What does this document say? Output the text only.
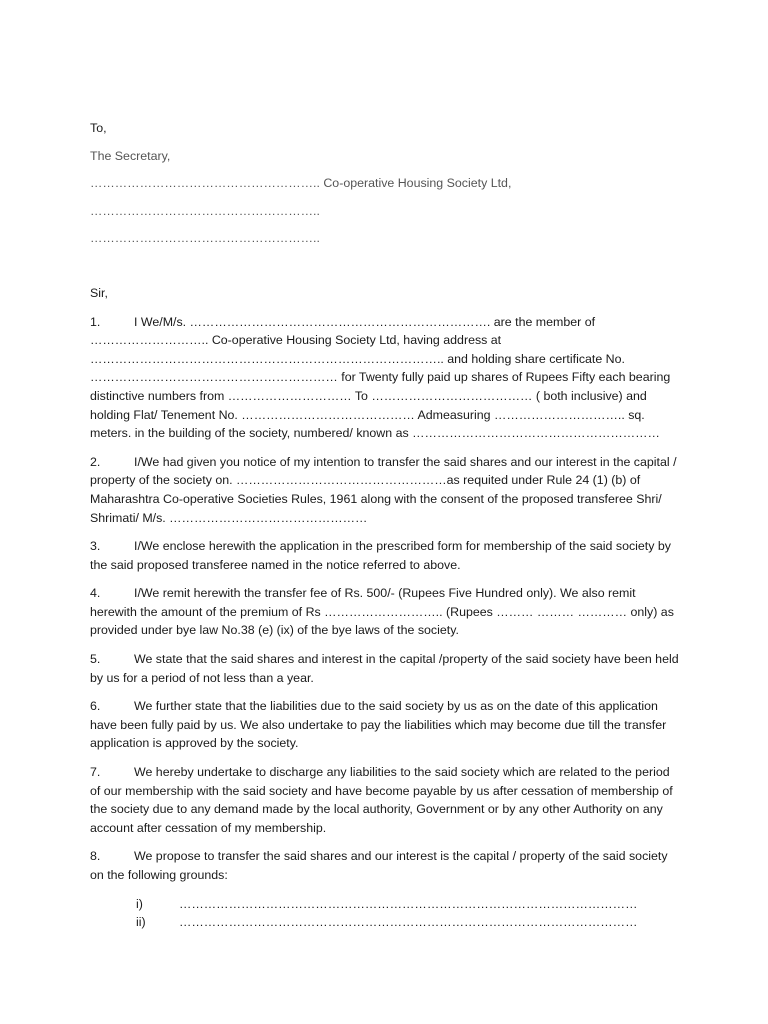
To,

The Secretary,

……………………………………………….. Co-operative Housing Society Ltd,

………………………………………………..

………………………………………………..

Sir,

1.	I We/M/s. ………………………………………………………………. are the member of ……………………….. Co-operative Housing Society Ltd, having address at ………………………………………………………………………….. and holding share certificate No. …………………………………………………… for Twenty fully paid up shares of Rupees Fifty each bearing distinctive numbers from ………………………… To ………………………………… ( both inclusive) and holding Flat/ Tenement No. …………………………………… Admeasuring ………………………….. sq. meters. in the building of the society, numbered/ known as ……………………………………………………
2.	I/We had given you notice of my intention to transfer the said shares and our interest in the capital / property of the society on. ……………………………………………as requited under Rule 24 (1) (b) of Maharashtra Co-operative Societies Rules, 1961 along with the consent of the proposed transferee Shri/ Shrimati/ M/s. …………………………………………
3.	I/We enclose herewith the application in the prescribed form for membership of the said society by the said proposed transferee named in the notice referred to above.
4.	I/We remit herewith the transfer fee of Rs. 500/- (Rupees Five Hundred only). We also remit herewith the amount of the premium of Rs ……………………….. (Rupees ……… ……… ………… only) as provided under bye law No.38 (e) (ix) of the bye laws of the society.
5.	We state that the said shares and interest in the capital /property of the said society have been held by us for a period of not less than a year.
6.	We further state that the liabilities due to the said society by us as on the date of this application have been fully paid by us. We also undertake to pay the liabilities which may become due till the transfer application is approved by the society.
7.	We hereby undertake to discharge any liabilities to the said society which are related to the period of our membership with the said society and have become payable by us after cessation of membership of the society due to any demand made by the local authority, Government or by any other Authority on any account after cessation of my membership.
8.	We propose to transfer the said shares and our interest is the capital / property of the said society on the following grounds:
i)	…………………………………………………………………………………………………
ii)	…………………………………………………………………………………………………
